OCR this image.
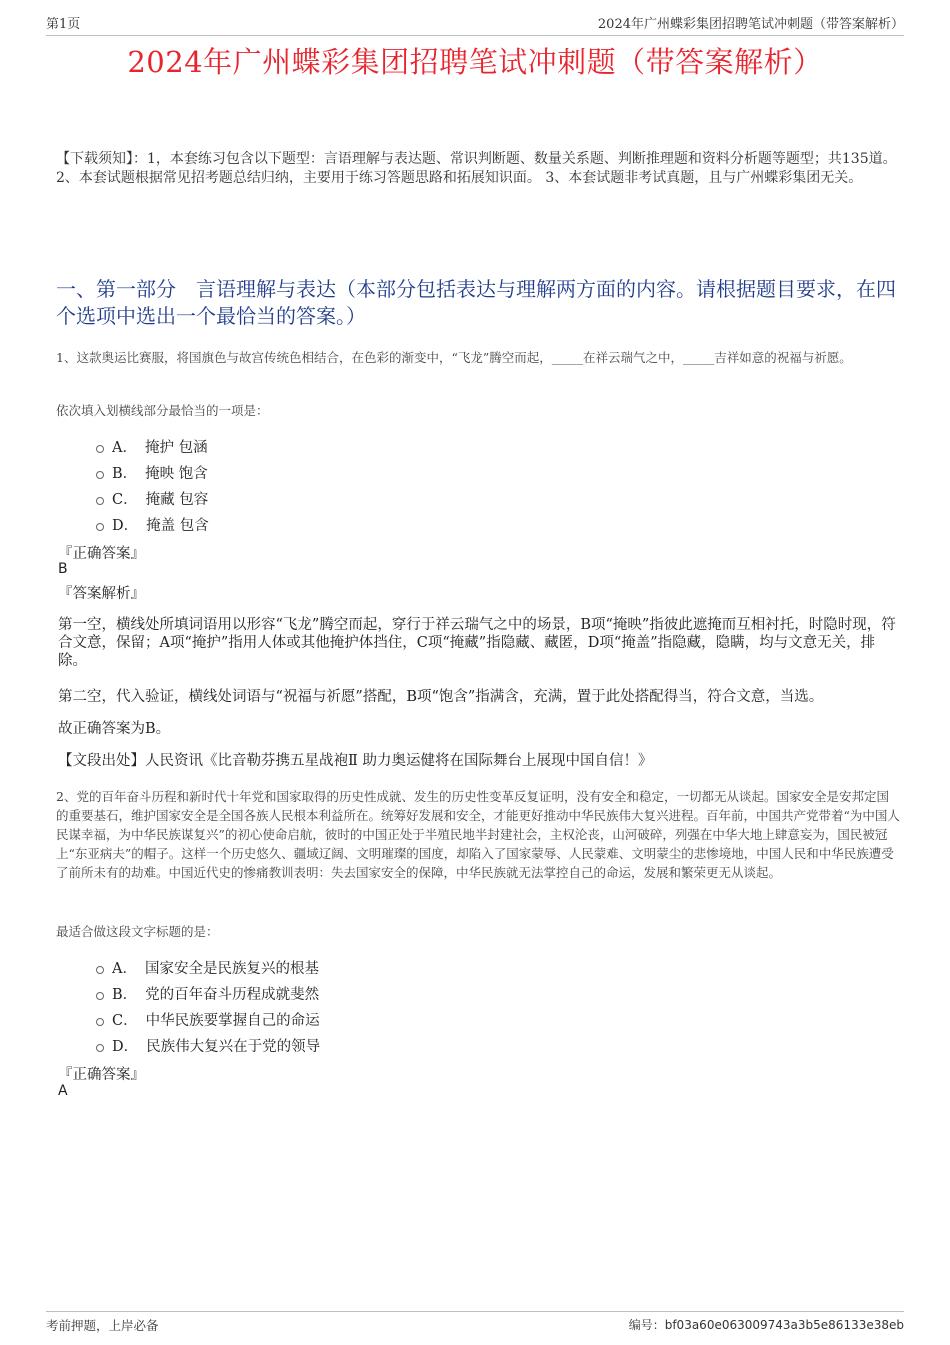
第1页	2024年广州蝶彩集团招聘笔试冲刺题（带答案解析）
2024年广州蝶彩集团招聘笔试冲刺题（带答案解析）
【下载须知】：1，本套练习包含以下题型：言语理解与表达题、常识判断题、数量关系题、判断推理题和资料分析题等题型；共135道。 2、本套试题根据常见招考题总结归纳，主要用于练习答题思路和拓展知识面。 3、本套试题非考试真题，且与广州蝶彩集团无关。
一、第一部分　言语理解与表达（本部分包括表达与理解两方面的内容。请根据题目要求，在四个选项中选出一个最恰当的答案。）
1、这款奥运比赛服，将国旗色与故宫传统色相结合，在色彩的渐变中，“飞龙”腾空而起，_____在祥云瑞气之中，_____吉祥如意的祝福与祈愿。
依次填入划横线部分最恰当的一项是：
A． 掩护 包涵
B． 掩映 饱含
C． 掩藏 包容
D． 掩盖 包含
『正确答案』
B
『答案解析』
第一空，横线处所填词语用以形容“飞龙”腾空而起，穿行于祥云瑞气之中的场景，B项“掩映”指彼此遮掩而互相衬托，时隐时现，符合文意，保留；A项“掩护”指用人体或其他掩护体挡住，C项“掩藏”指隐藏、藏匿，D项“掩盖”指隐藏，隐瞒，均与文意无关，排除。
第二空，代入验证，横线处词语与“祝福与祈愿”搭配，B项“饱含”指满含，充满，置于此处搭配得当，符合文意，当选。
故正确答案为B。
【文段出处】人民资讯《比音勒芬携五星战袍Ⅱ 助力奥运健将在国际舞台上展现中国自信！》
2、党的百年奋斗历程和新时代十年党和国家取得的历史性成就、发生的历史性变革反复证明，没有安全和稳定，一切都无从谈起。国家安全是安邦定国的重要基石，维护国家安全是全国各族人民根本利益所在。统筹好发展和安全，才能更好推动中华民族伟大复兴进程。百年前，中国共产党带着“为中国人民谋幸福，为中华民族谋复兴”的初心使命启航，彼时的中国正处于半殖民地半封建社会，主权沦丧，山河破碎，列强在中华大地上肆意妄为，国民被冠上“东亚病夫”的帽子。这样一个历史悠久、疆域辽阔、文明璀璨的国度，却陷入了国家蒙辱、人民蒙难、文明蒙尘的悲惨境地，中国人民和中华民族遭受了前所未有的劫难。中国近代史的惨痛教训表明：失去国家安全的保障，中华民族就无法掌控自己的命运，发展和繁荣更无从谈起。
最适合做这段文字标题的是：
A． 国家安全是民族复兴的根基
B． 党的百年奋斗历程成就斐然
C． 中华民族要掌握自己的命运
D． 民族伟大复兴在于党的领导
『正确答案』
A
考前押题，上岸必备	编号：bf03a60e063009743a3b5e86133e38eb
